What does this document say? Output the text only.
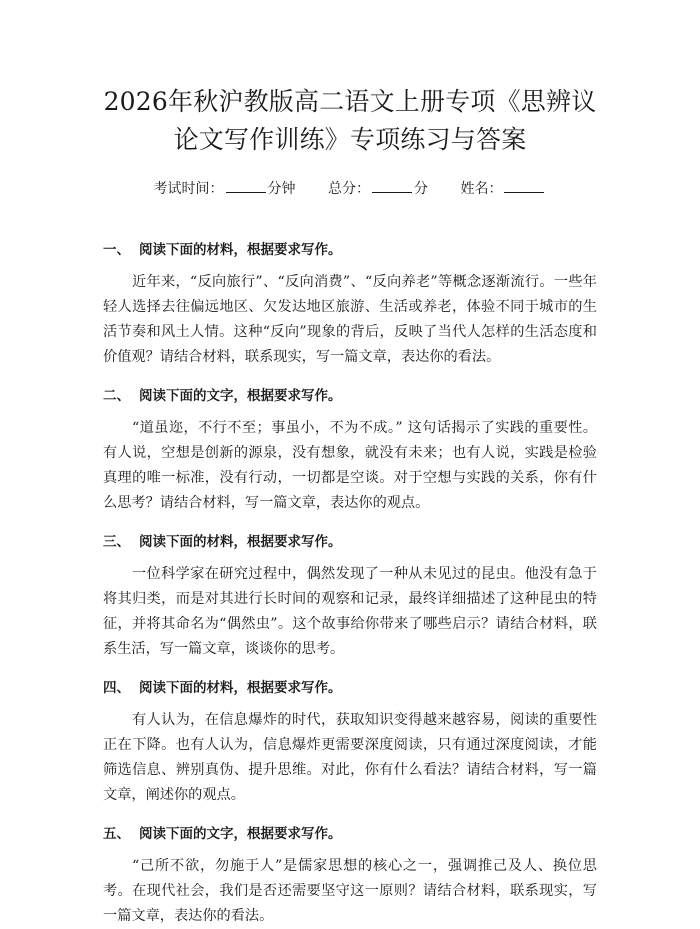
2026年秋沪教版高二语文上册专项《思辨议
论文写作训练》专项练习与答案
考试时间：	分钟 总分：	分 姓名：
一、 阅读下面的材料，根据要求写作。

近年来，“反向旅行”、“反向消费”、“反向养老”等概念逐渐流行。一些年轻人选择去往偏远地区、欠发达地区旅游、生活或养老，体验不同于城市的生活节奏和风土人情。这种“反向”现象的背后，反映了当代人怎样的生活态度和价值观？请结合材料，联系现实，写一篇文章，表达你的看法。

二、 阅读下面的文字，根据要求写作。

“道虽迩，不行不至；事虽小，不为不成。” 这句话揭示了实践的重要性。有人说，空想是创新的源泉，没有想象，就没有未来；也有人说，实践是检验真理的唯一标准，没有行动，一切都是空谈。对于空想与实践的关系，你有什么思考？请结合材料，写一篇文章，表达你的观点。

三、 阅读下面的材料，根据要求写作。

一位科学家在研究过程中，偶然发现了一种从未见过的昆虫。他没有急于将其归类，而是对其进行长时间的观察和记录，最终详细描述了这种昆虫的特征，并将其命名为“偶然虫”。这个故事给你带来了哪些启示？请结合材料，联系生活，写一篇文章，谈谈你的思考。

四、 阅读下面的材料，根据要求写作。

有人认为，在信息爆炸的时代，获取知识变得越来越容易，阅读的重要性正在下降。也有人认为，信息爆炸更需要深度阅读，只有通过深度阅读，才能筛选信息、辨别真伪、提升思维。对此，你有什么看法？请结合材料，写一篇文章，阐述你的观点。

五、 阅读下面的文字，根据要求写作。

“己所不欲，勿施于人”是儒家思想的核心之一，强调推己及人、换位思考。在现代社会，我们是否还需要坚守这一原则？请结合材料，联系现实，写一篇文章，表达你的看法。
